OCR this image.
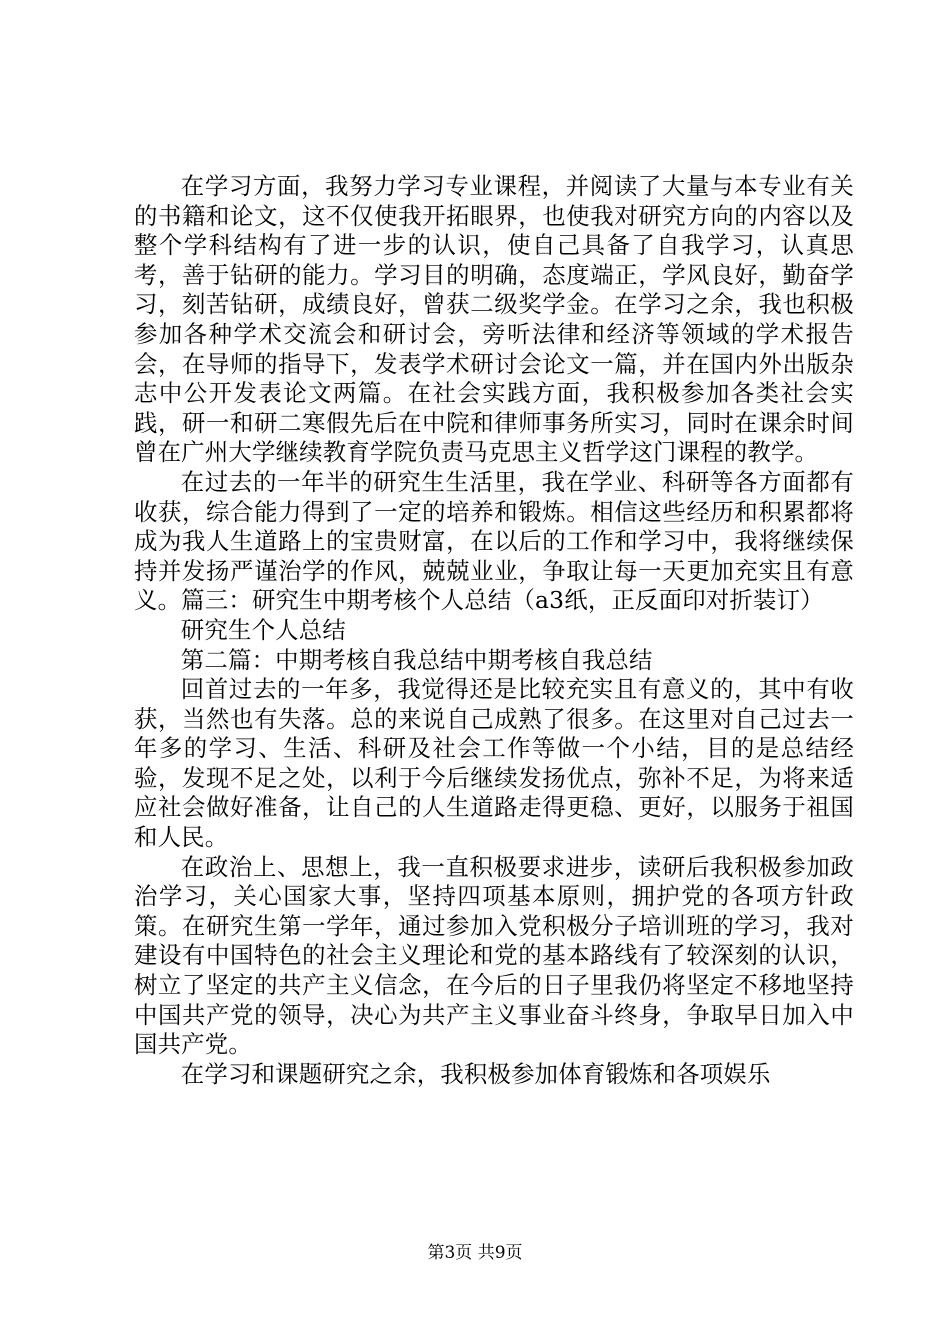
在学习方面，我努力学习专业课程，并阅读了大量与本专业有关的书籍和论文，这不仅使我开拓眼界，也使我对研究方向的内容以及整个学科结构有了进一步的认识，使自己具备了自我学习，认真思考，善于钻研的能力。学习目的明确，态度端正，学风良好，勤奋学习，刻苦钻研，成绩良好，曾获二级奖学金。在学习之余，我也积极参加各种学术交流会和研讨会，旁听法律和经济等领域的学术报告会，在导师的指导下，发表学术研讨会论文一篇，并在国内外出版杂志中公开发表论文两篇。在社会实践方面，我积极参加各类社会实践，研一和研二寒假先后在中院和律师事务所实习，同时在课余时间曾在广州大学继续教育学院负责马克思主义哲学这门课程的教学。

在过去的一年半的研究生生活里，我在学业、科研等各方面都有收获，综合能力得到了一定的培养和锻炼。相信这些经历和积累都将成为我人生道路上的宝贵财富，在以后的工作和学习中，我将继续保持并发扬严谨治学的作风，兢兢业业，争取让每一天更加充实且有意义。篇三：研究生中期考核个人总结（a3纸，正反面印对折装订）

研究生个人总结

第二篇：中期考核自我总结中期考核自我总结

回首过去的一年多，我觉得还是比较充实且有意义的，其中有收获，当然也有失落。总的来说自己成熟了很多。在这里对自己过去一年多的学习、生活、科研及社会工作等做一个小结，目的是总结经验，发现不足之处，以利于今后继续发扬优点，弥补不足，为将来适应社会做好准备，让自己的人生道路走得更稳、更好，以服务于祖国和人民。

在政治上、思想上，我一直积极要求进步，读研后我积极参加政治学习，关心国家大事，坚持四项基本原则，拥护党的各项方针政策。在研究生第一学年，通过参加入党积极分子培训班的学习，我对建设有中国特色的社会主义理论和党的基本路线有了较深刻的认识，树立了坚定的共产主义信念，在今后的日子里我仍将坚定不移地坚持中国共产党的领导，决心为共产主义事业奋斗终身，争取早日加入中国共产党。

在学习和课题研究之余，我积极参加体育锻炼和各项娱乐

第3页 共9页
